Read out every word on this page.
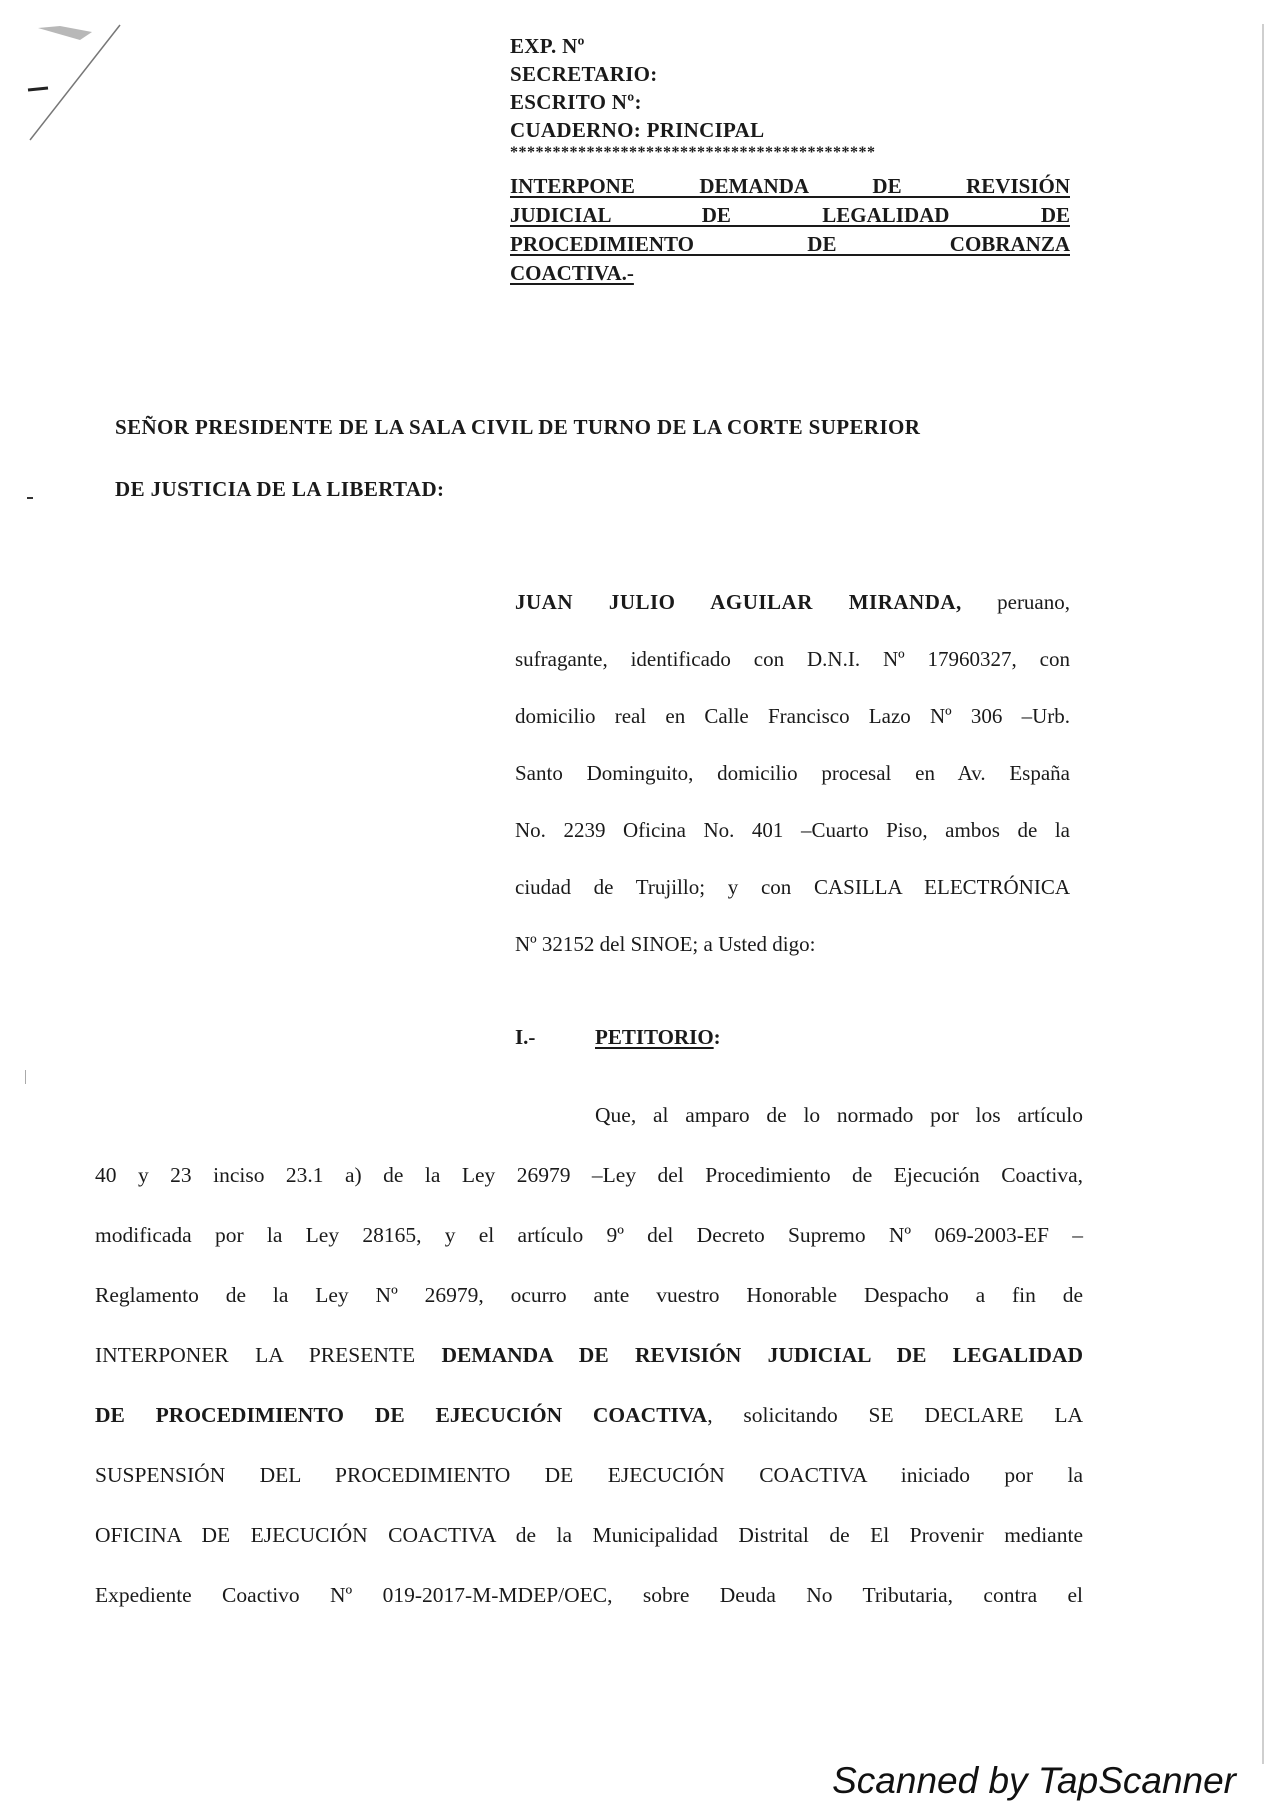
EXP. Nº
SECRETARIO:
ESCRITO Nº:
CUADERNO: PRINCIPAL
*******************************************
INTERPONE DEMANDA DE REVISIÓN
JUDICIAL DE LEGALIDAD DE
PROCEDIMIENTO DE COBRANZA
COACTIVA.-
SEÑOR PRESIDENTE DE LA SALA CIVIL DE TURNO DE LA CORTE SUPERIOR
DE JUSTICIA DE LA LIBERTAD:
JUAN JULIO AGUILAR MIRANDA, peruano,
sufragante, identificado con D.N.I. Nº 17960327, con
domicilio real en Calle Francisco Lazo Nº 306 –Urb.
Santo Dominguito, domicilio procesal en Av. España
No. 2239 Oficina No. 401 –Cuarto Piso, ambos de la
ciudad de Trujillo; y con CASILLA ELECTRÓNICA
Nº 32152 del SINOE; a Usted digo:
I.-	PETITORIO:
Que, al amparo de lo normado por los artículo
40 y 23 inciso 23.1 a) de la Ley 26979 –Ley del Procedimiento de Ejecución Coactiva,
modificada por la Ley 28165, y el artículo 9º del Decreto Supremo Nº 069-2003-EF –
Reglamento de la Ley Nº 26979, ocurro ante vuestro Honorable Despacho a fin de
INTERPONER LA PRESENTE DEMANDA DE REVISIÓN JUDICIAL DE LEGALIDAD
DE PROCEDIMIENTO DE EJECUCIÓN COACTIVA, solicitando SE DECLARE LA
SUSPENSIÓN DEL PROCEDIMIENTO DE EJECUCIÓN COACTIVA iniciado por la
OFICINA DE EJECUCIÓN COACTIVA de la Municipalidad Distrital de El Provenir mediante
Expediente Coactivo Nº 019-2017-M-MDEP/OEC, sobre Deuda No Tributaria, contra el
Scanned by TapScanner
